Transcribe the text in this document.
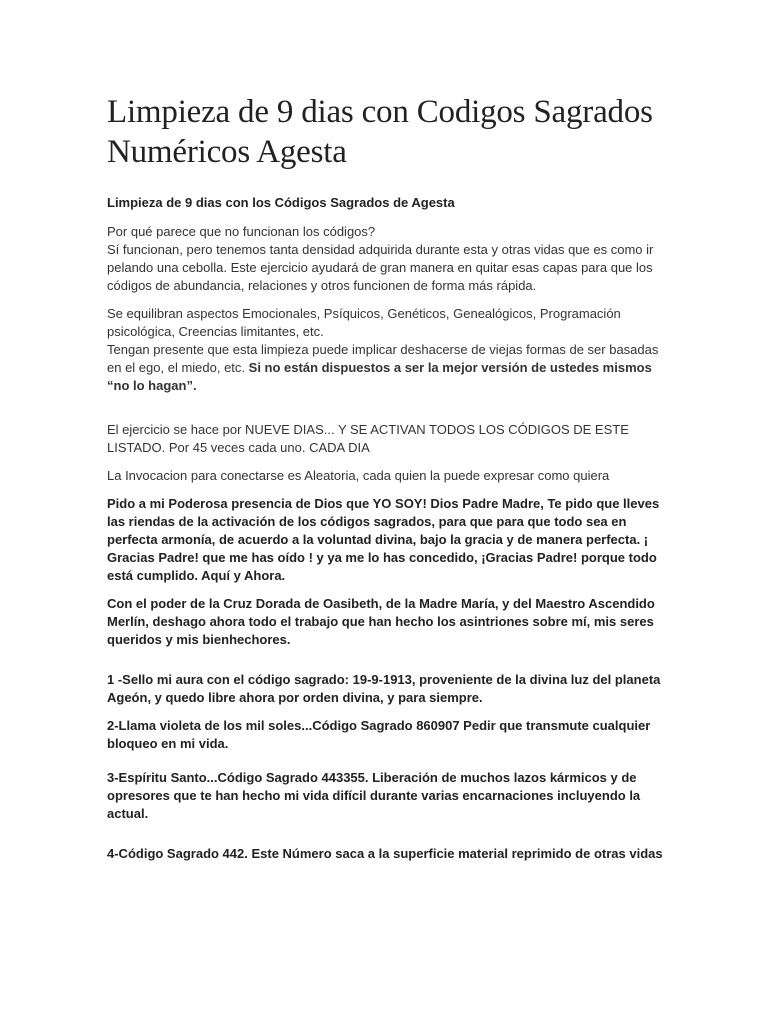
Limpieza de 9 dias con Codigos Sagrados Numéricos Agesta
Limpieza de 9 dias con los Códigos Sagrados de Agesta

Por qué parece que no funcionan los códigos?
Sí funcionan, pero tenemos tanta densidad adquirida durante esta y otras vidas que es como ir pelando una cebolla. Este ejercicio ayudará de gran manera en quitar esas capas para que los códigos de abundancia, relaciones y otros funcionen de forma más rápida.

Se equilibran aspectos Emocionales, Psíquicos, Genéticos, Genealógicos, Programación psicológica, Creencias limitantes, etc.
Tengan presente que esta limpieza puede implicar deshacerse de viejas formas de ser basadas en el ego, el miedo, etc. Si no están dispuestos a ser la mejor versión de ustedes mismos “no lo hagan”.

El ejercicio se hace por NUEVE DIAS... Y SE ACTIVAN TODOS LOS CÓDIGOS DE ESTE LISTADO. Por 45 veces cada uno. CADA DIA

La Invocacion para conectarse es Aleatoria, cada quien la puede expresar como quiera

Pido a mi Poderosa presencia de Dios que YO SOY! Dios Padre Madre, Te pido que lleves las riendas de la activación de los códigos sagrados, para que para que todo sea en perfecta armonía, de acuerdo a la voluntad divina, bajo la gracia y de manera perfecta. ¡ Gracias Padre! que me has oído ! y ya me lo has concedido, ¡Gracias Padre! porque todo está cumplido. Aquí y Ahora.

Con el poder de la Cruz Dorada de Oasibeth, de la Madre María, y del Maestro Ascendido Merlín, deshago ahora todo el trabajo que han hecho los asintriones sobre mí, mis seres queridos y mis bienhechores.

1 -Sello mi aura con el código sagrado: 19-9-1913, proveniente de la divina luz del planeta Ageón, y quedo libre ahora por orden divina, y para siempre.

2-Llama violeta de los mil soles...Código Sagrado 860907 Pedir que transmute cualquier bloqueo en mi vida.

3-Espíritu Santo...Código Sagrado 443355. Liberación de muchos lazos kármicos y de opresores que te han hecho mi vida difícil durante varias encarnaciones incluyendo la actual.

4-Código Sagrado 442. Este Número saca a la superficie material reprimido de otras vidas
